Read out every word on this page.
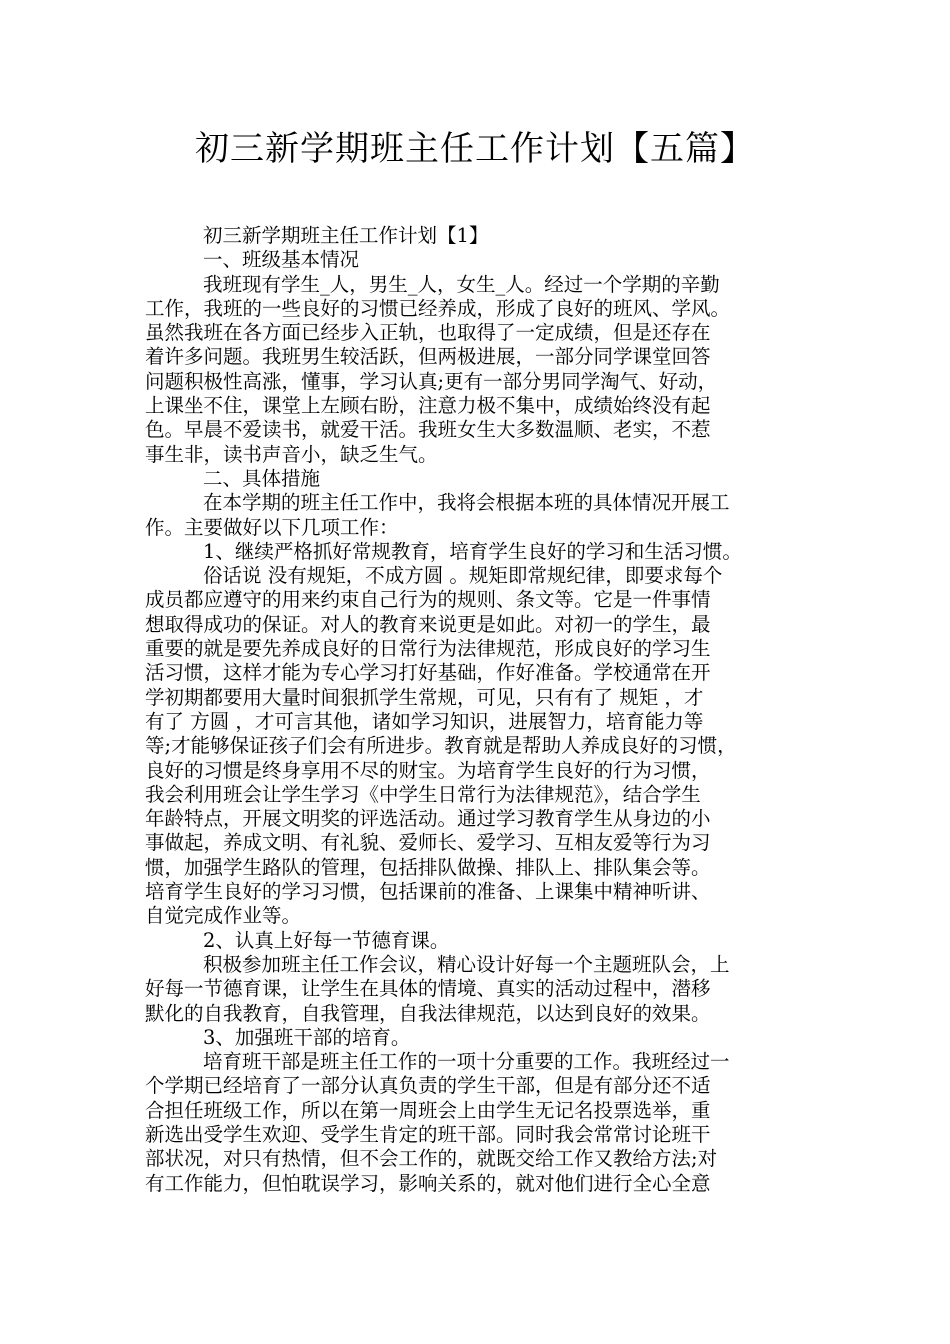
初三新学期班主任工作计划【五篇】
初三新学期班主任工作计划【1】
一、班级基本情况
我班现有学生_人，男生_人，女生_人。经过一个学期的辛勤
工作，我班的一些良好的习惯已经养成，形成了良好的班风、学风。
虽然我班在各方面已经步入正轨，也取得了一定成绩，但是还存在
着许多问题。我班男生较活跃，但两极进展，一部分同学课堂回答
问题积极性高涨，懂事，学习认真;更有一部分男同学淘气、好动，
上课坐不住，课堂上左顾右盼，注意力极不集中，成绩始终没有起
色。早晨不爱读书，就爱干活。我班女生大多数温顺、老实，不惹
事生非，读书声音小，缺乏生气。
二、具体措施
在本学期的班主任工作中，我将会根据本班的具体情况开展工
作。主要做好以下几项工作：
1、继续严格抓好常规教育，培育学生良好的学习和生活习惯。
俗话说 没有规矩，不成方圆 。规矩即常规纪律，即要求每个
成员都应遵守的用来约束自己行为的规则、条文等。它是一件事情
想取得成功的保证。对人的教育来说更是如此。对初一的学生，最
重要的就是要先养成良好的日常行为法律规范，形成良好的学习生
活习惯，这样才能为专心学习打好基础，作好准备。学校通常在开
学初期都要用大量时间狠抓学生常规，可见，只有有了 规矩 ，才
有了 方圆 ，才可言其他，诸如学习知识，进展智力，培育能力等
等;才能够保证孩子们会有所进步。教育就是帮助人养成良好的习惯，
良好的习惯是终身享用不尽的财宝。为培育学生良好的行为习惯，
我会利用班会让学生学习《中学生日常行为法律规范》，结合学生
年龄特点，开展文明奖的评选活动。通过学习教育学生从身边的小
事做起，养成文明、有礼貌、爱师长、爱学习、互相友爱等行为习
惯，加强学生路队的管理，包括排队做操、排队上、排队集会等。
培育学生良好的学习习惯，包括课前的准备、上课集中精神听讲、
自觉完成作业等。
2、认真上好每一节德育课。
积极参加班主任工作会议，精心设计好每一个主题班队会，上
好每一节德育课，让学生在具体的情境、真实的活动过程中，潜移
默化的自我教育，自我管理，自我法律规范，以达到良好的效果。
3、加强班干部的培育。
培育班干部是班主任工作的一项十分重要的工作。我班经过一
个学期已经培育了一部分认真负责的学生干部，但是有部分还不适
合担任班级工作，所以在第一周班会上由学生无记名投票选举，重
新选出受学生欢迎、受学生肯定的班干部。同时我会常常讨论班干
部状况，对只有热情，但不会工作的，就既交给工作又教给方法;对
有工作能力，但怕耽误学习，影响关系的，就对他们进行全心全意
